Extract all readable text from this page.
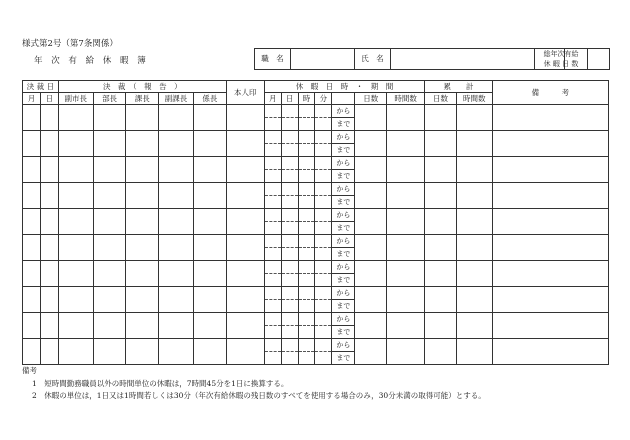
様式第2号（第7条関係）
年 次 有 給 休 暇 簿	職　名		氏　名	
総年次有給
休 暇 日 数

決 裁 日		決　裁　（　報　告　）					本人印	休　暇　日　時　・　期　間							累　　計		備　　　考
月	日	副市長	部長	課長	副課長	係長		月	日	時	分		日数	時間数	日数	時間数	
												から					
												まで					
												から					
												まで					
												から					
												まで					
												から					
												まで					
												から					
												まで					
												から					
												まで					
												から					
												まで					
												から					
												まで					
												から					
												まで					
												から					
												まで					
備考
1　短時間勤務職員以外の時間単位の休暇は，7時間45分を1日に換算する。
2　休暇の単位は，1日又は1時間若しくは30分（年次有給休暇の残日数のすべてを使用する場合のみ，30分未満の取得可能）とする。
